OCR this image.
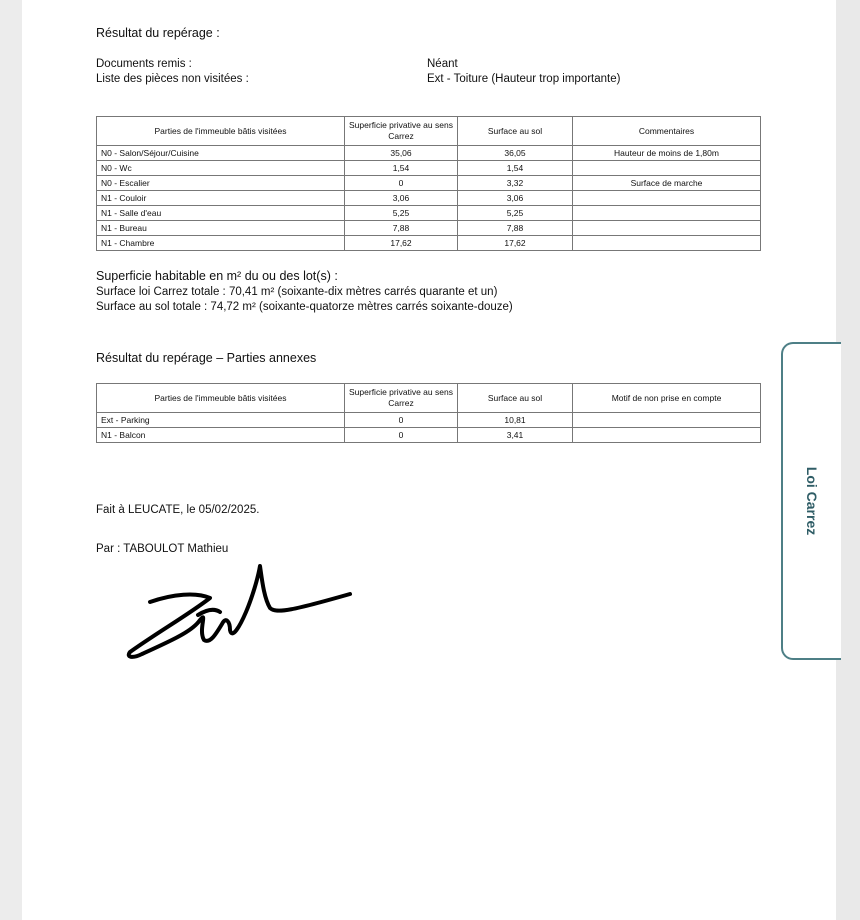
Résultat du repérage :
Documents remis :	Néant
Liste des pièces non visitées :	Ext - Toiture (Hauteur trop importante)
Parties de l'immeuble bâtis visitées	Superficie privative au sens Carrez	Surface au sol	Commentaires
N0 - Salon/Séjour/Cuisine	35,06	36,05	Hauteur de moins de 1,80m
N0 - Wc	1,54	1,54	
N0 - Escalier	0	3,32	Surface de marche
N1 - Couloir	3,06	3,06	
N1 - Salle d'eau	5,25	5,25	
N1 - Bureau	7,88	7,88	
N1 - Chambre	17,62	17,62	
Superficie habitable en m² du ou des lot(s) :
Surface loi Carrez totale : 70,41 m² (soixante-dix mètres carrés quarante et un)
Surface au sol totale : 74,72 m² (soixante-quatorze mètres carrés soixante-douze)
Résultat du repérage – Parties annexes
Parties de l'immeuble bâtis visitées	Superficie privative au sens Carrez	Surface au sol	Motif de non prise en compte
Ext - Parking	0	10,81	
N1 - Balcon	0	3,41	
Fait à LEUCATE, le 05/02/2025.
Par : TABOULOT Mathieu
Loi Carrez
